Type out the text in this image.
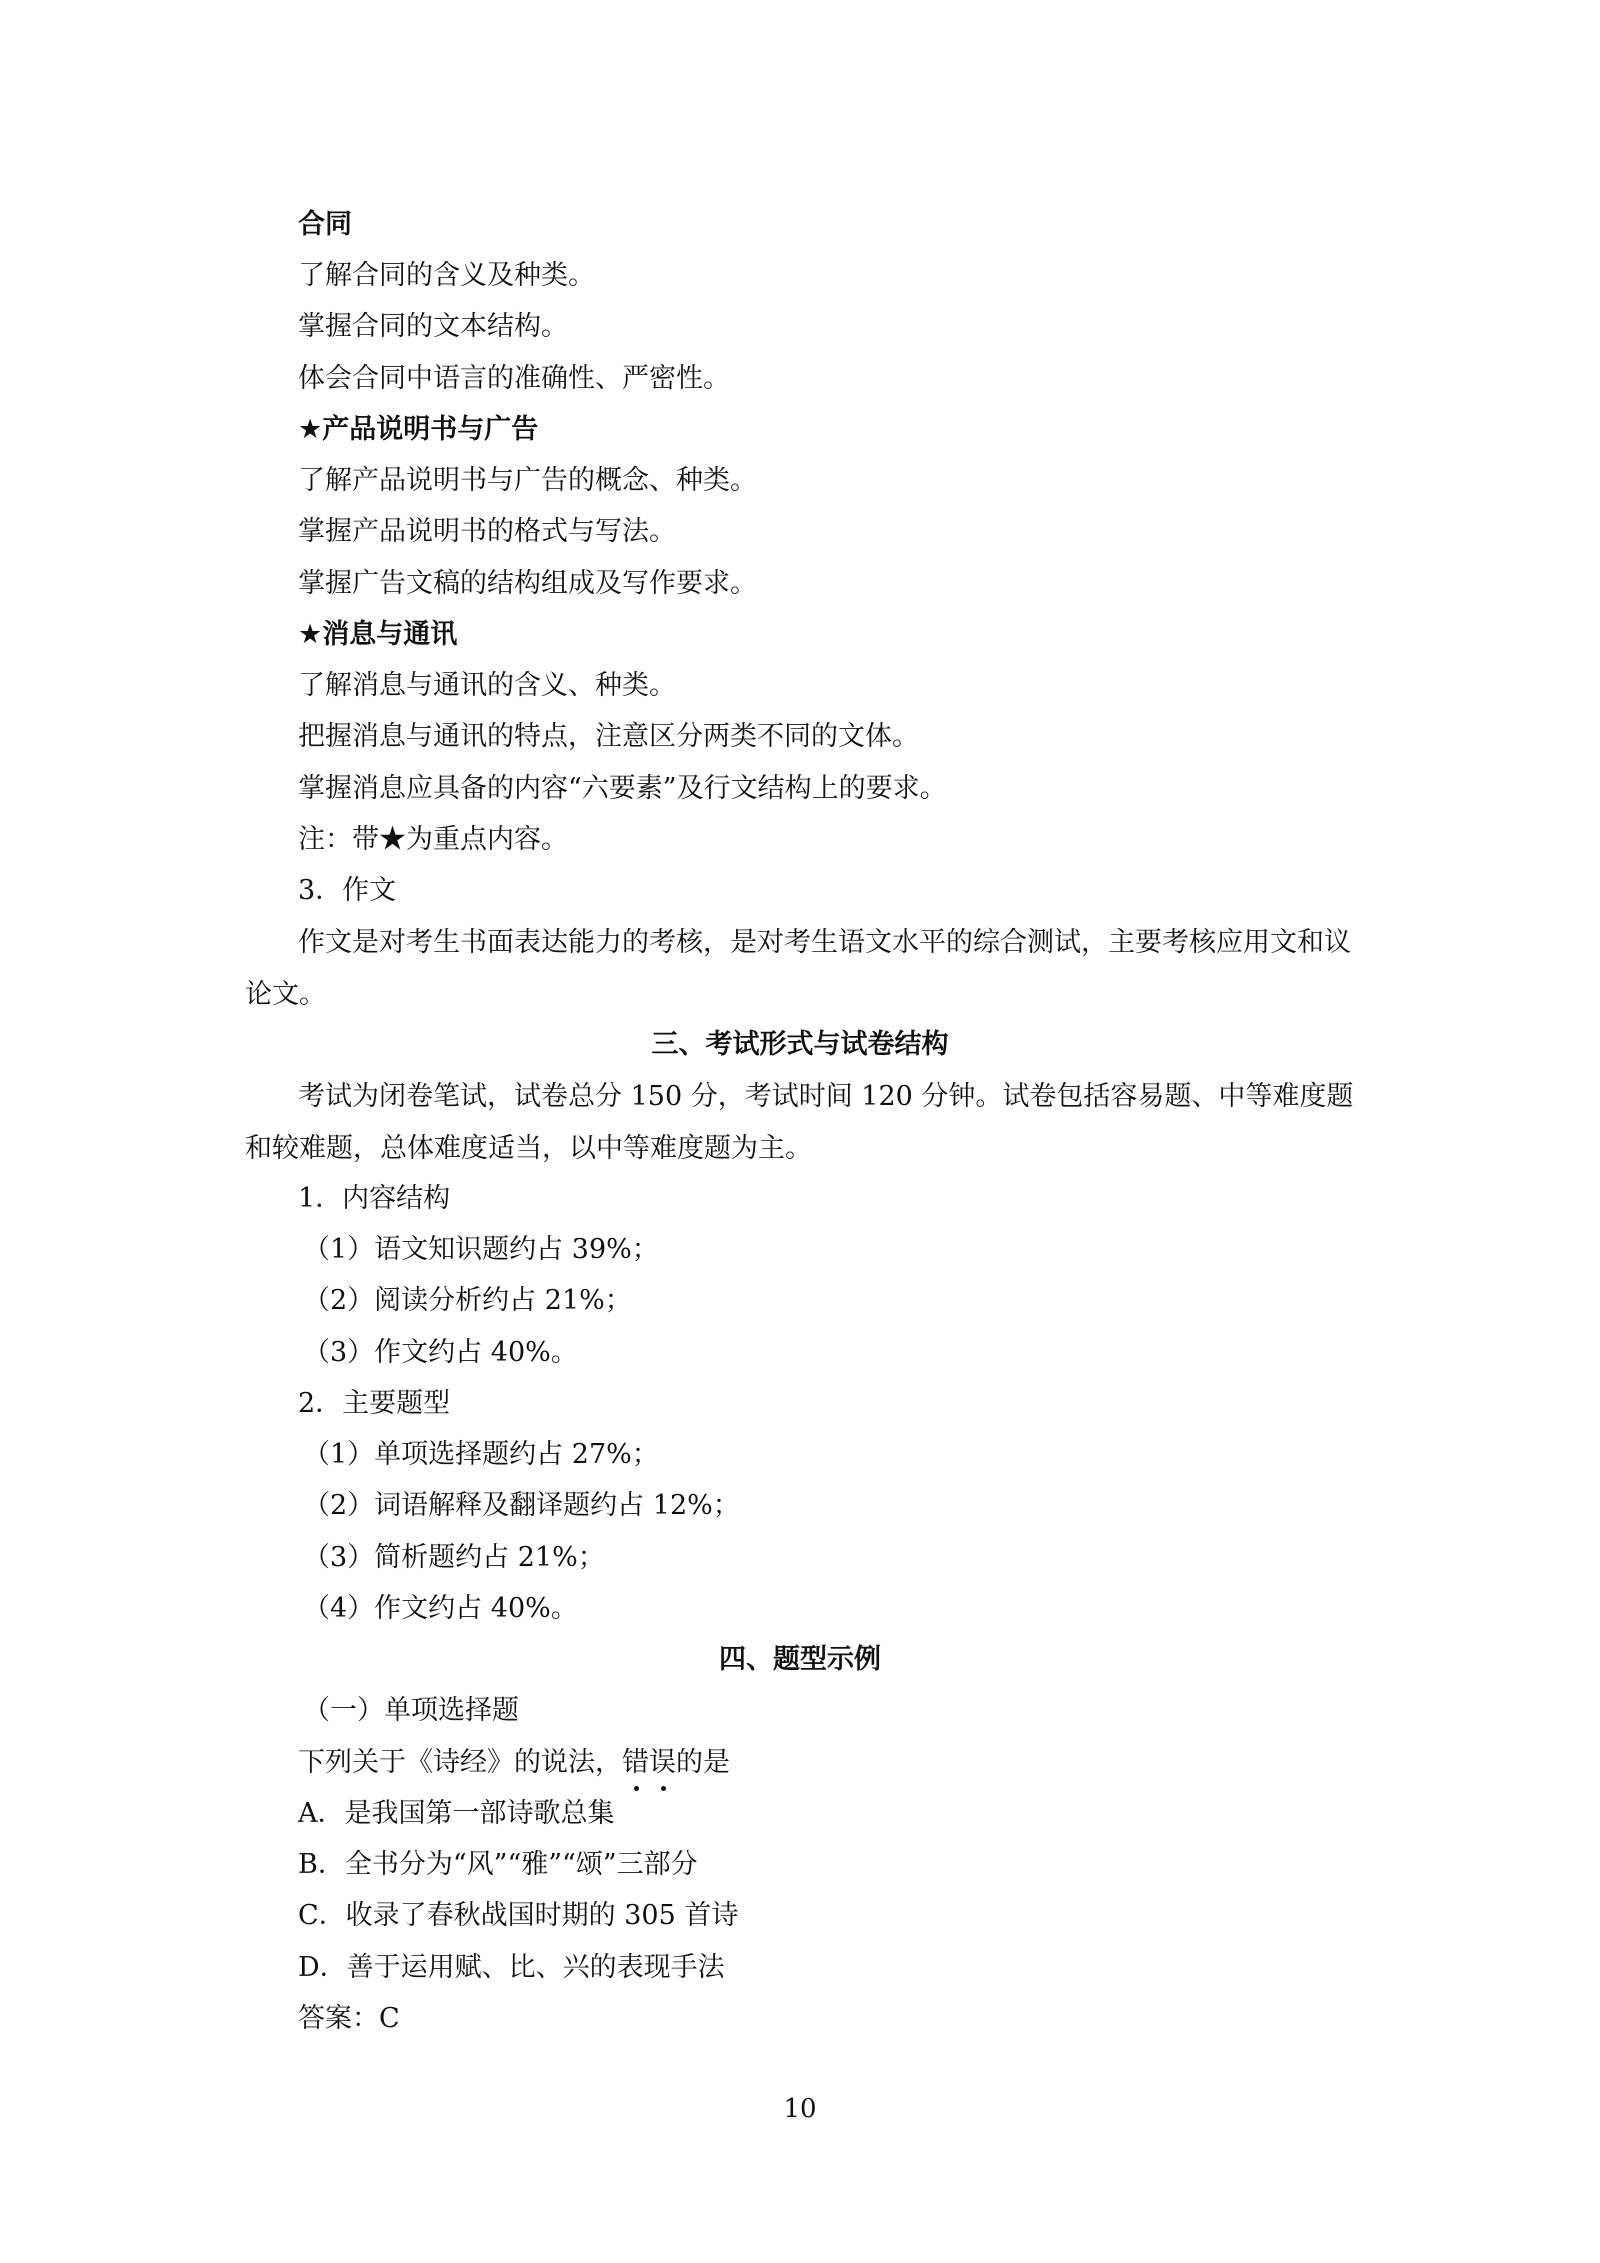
合同
了解合同的含义及种类。
掌握合同的文本结构。
体会合同中语言的准确性、严密性。
★产品说明书与广告
了解产品说明书与广告的概念、种类。
掌握产品说明书的格式与写法。
掌握广告文稿的结构组成及写作要求。
★消息与通讯
了解消息与通讯的含义、种类。
把握消息与通讯的特点，注意区分两类不同的文体。
掌握消息应具备的内容“六要素”及行文结构上的要求。
注：带★为重点内容。
3．作文
作文是对考生书面表达能力的考核，是对考生语文水平的综合测试，主要考核应用文和议论文。
三、考试形式与试卷结构
考试为闭卷笔试，试卷总分 150 分，考试时间 120 分钟。试卷包括容易题、中等难度题和较难题，总体难度适当，以中等难度题为主。
1．内容结构
（1）语文知识题约占 39%；
（2）阅读分析约占 21%；
（3）作文约占 40%。
2．主要题型
（1）单项选择题约占 27%；
（2）词语解释及翻译题约占 12%；
（3）简析题约占 21%；
（4）作文约占 40%。
四、题型示例
（一）单项选择题
下列关于《诗经》的说法，错误的是
A．是我国第一部诗歌总集
B．全书分为“风”“雅”“颂”三部分
C．收录了春秋战国时期的 305 首诗
D．善于运用赋、比、兴的表现手法
答案：C
10
